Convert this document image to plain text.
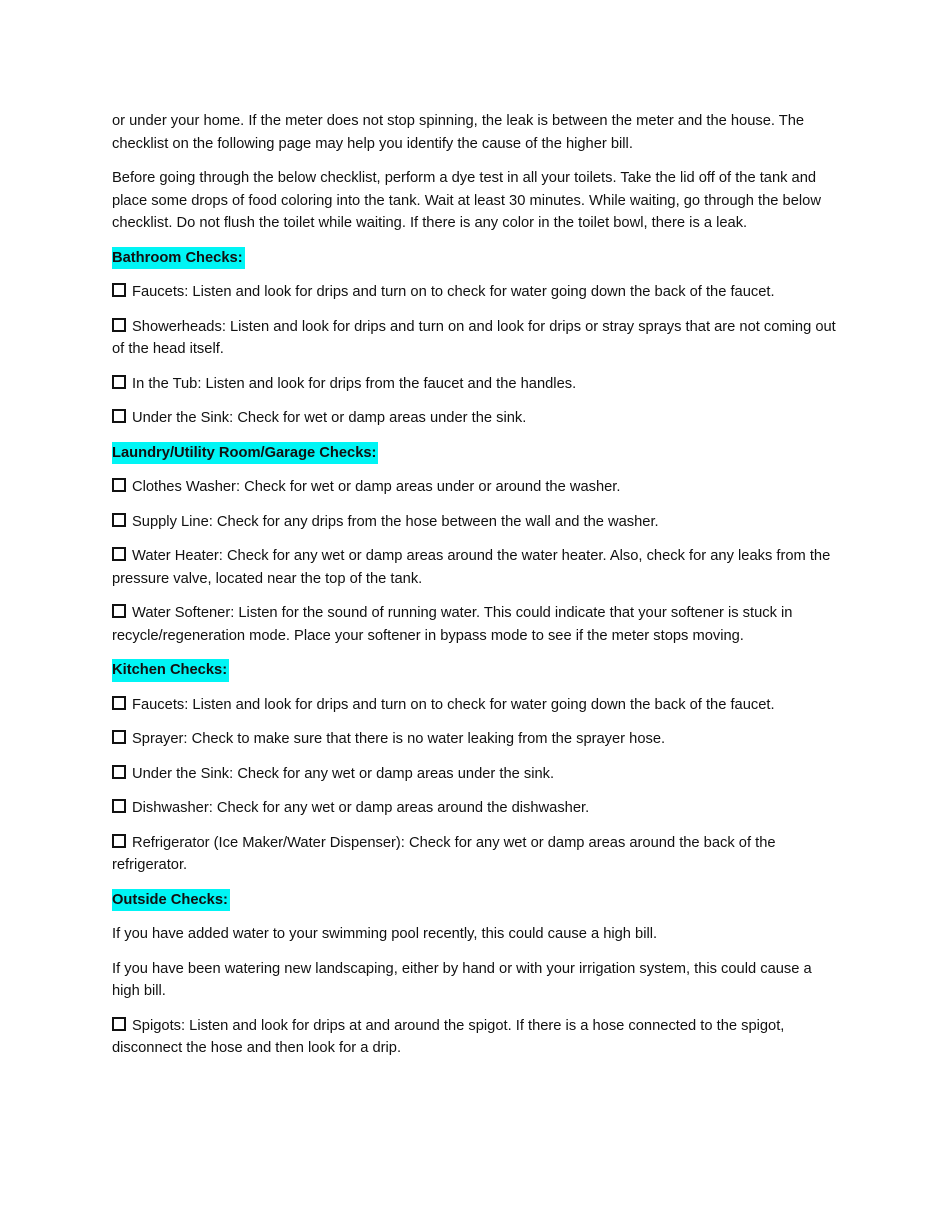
or under your home. If the meter does not stop spinning, the leak is between the meter and the house. The checklist on the following page may help you identify the cause of the higher bill.

Before going through the below checklist, perform a dye test in all your toilets. Take the lid off of the tank and place some drops of food coloring into the tank. Wait at least 30 minutes. While waiting, go through the below checklist. Do not flush the toilet while waiting. If there is any color in the toilet bowl, there is a leak.

Bathroom Checks:

Faucets: Listen and look for drips and turn on to check for water going down the back of the faucet.

Showerheads: Listen and look for drips and turn on and look for drips or stray sprays that are not coming out of the head itself.

In the Tub: Listen and look for drips from the faucet and the handles.

Under the Sink: Check for wet or damp areas under the sink.

Laundry/Utility Room/Garage Checks:

Clothes Washer: Check for wet or damp areas under or around the washer.

Supply Line: Check for any drips from the hose between the wall and the washer.

Water Heater: Check for any wet or damp areas around the water heater. Also, check for any leaks from the pressure valve, located near the top of the tank.

Water Softener: Listen for the sound of running water. This could indicate that your softener is stuck in recycle/regeneration mode. Place your softener in bypass mode to see if the meter stops moving.

Kitchen Checks:

Faucets: Listen and look for drips and turn on to check for water going down the back of the faucet.

Sprayer: Check to make sure that there is no water leaking from the sprayer hose.

Under the Sink: Check for any wet or damp areas under the sink.

Dishwasher: Check for any wet or damp areas around the dishwasher.

Refrigerator (Ice Maker/Water Dispenser): Check for any wet or damp areas around the back of the refrigerator.

Outside Checks:

If you have added water to your swimming pool recently, this could cause a high bill.

If you have been watering new landscaping, either by hand or with your irrigation system, this could cause a high bill.

Spigots: Listen and look for drips at and around the spigot. If there is a hose connected to the spigot, disconnect the hose and then look for a drip.
